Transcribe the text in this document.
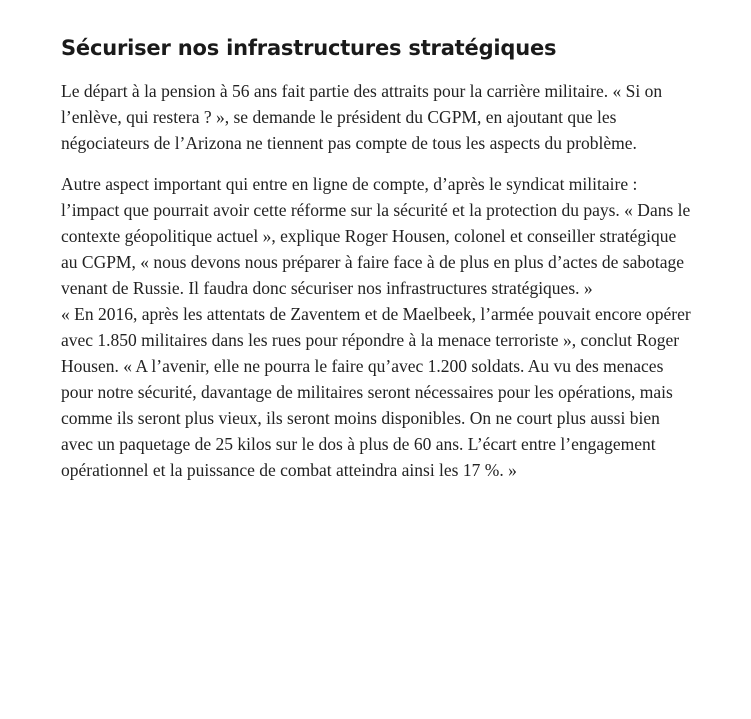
Sécuriser nos infrastructures stratégiques

Le départ à la pension à 56 ans fait partie des attraits pour la carrière militaire. « Si on l’enlève, qui restera ? », se demande le président du CGPM, en ajoutant que les négociateurs de l’Arizona ne tiennent pas compte de tous les aspects du problème.

Autre aspect important qui entre en ligne de compte, d’après le syndicat militaire : l’impact que pourrait avoir cette réforme sur la sécurité et la protection du pays. « Dans le contexte géopolitique actuel », explique Roger Housen, colonel et conseiller stratégique au CGPM, « nous devons nous préparer à faire face à de plus en plus d’actes de sabotage venant de Russie. Il faudra donc sécuriser nos infrastructures stratégiques. »

« En 2016, après les attentats de Zaventem et de Maelbeek, l’armée pouvait encore opérer avec 1.850 militaires dans les rues pour répondre à la menace terroriste », conclut Roger Housen. « A l’avenir, elle ne pourra le faire qu’avec 1.200 soldats. Au vu des menaces pour notre sécurité, davantage de militaires seront nécessaires pour les opérations, mais comme ils seront plus vieux, ils seront moins disponibles. On ne court plus aussi bien avec un paquetage de 25 kilos sur le dos à plus de 60 ans. L’écart entre l’engagement opérationnel et la puissance de combat atteindra ainsi les 17 %. »
